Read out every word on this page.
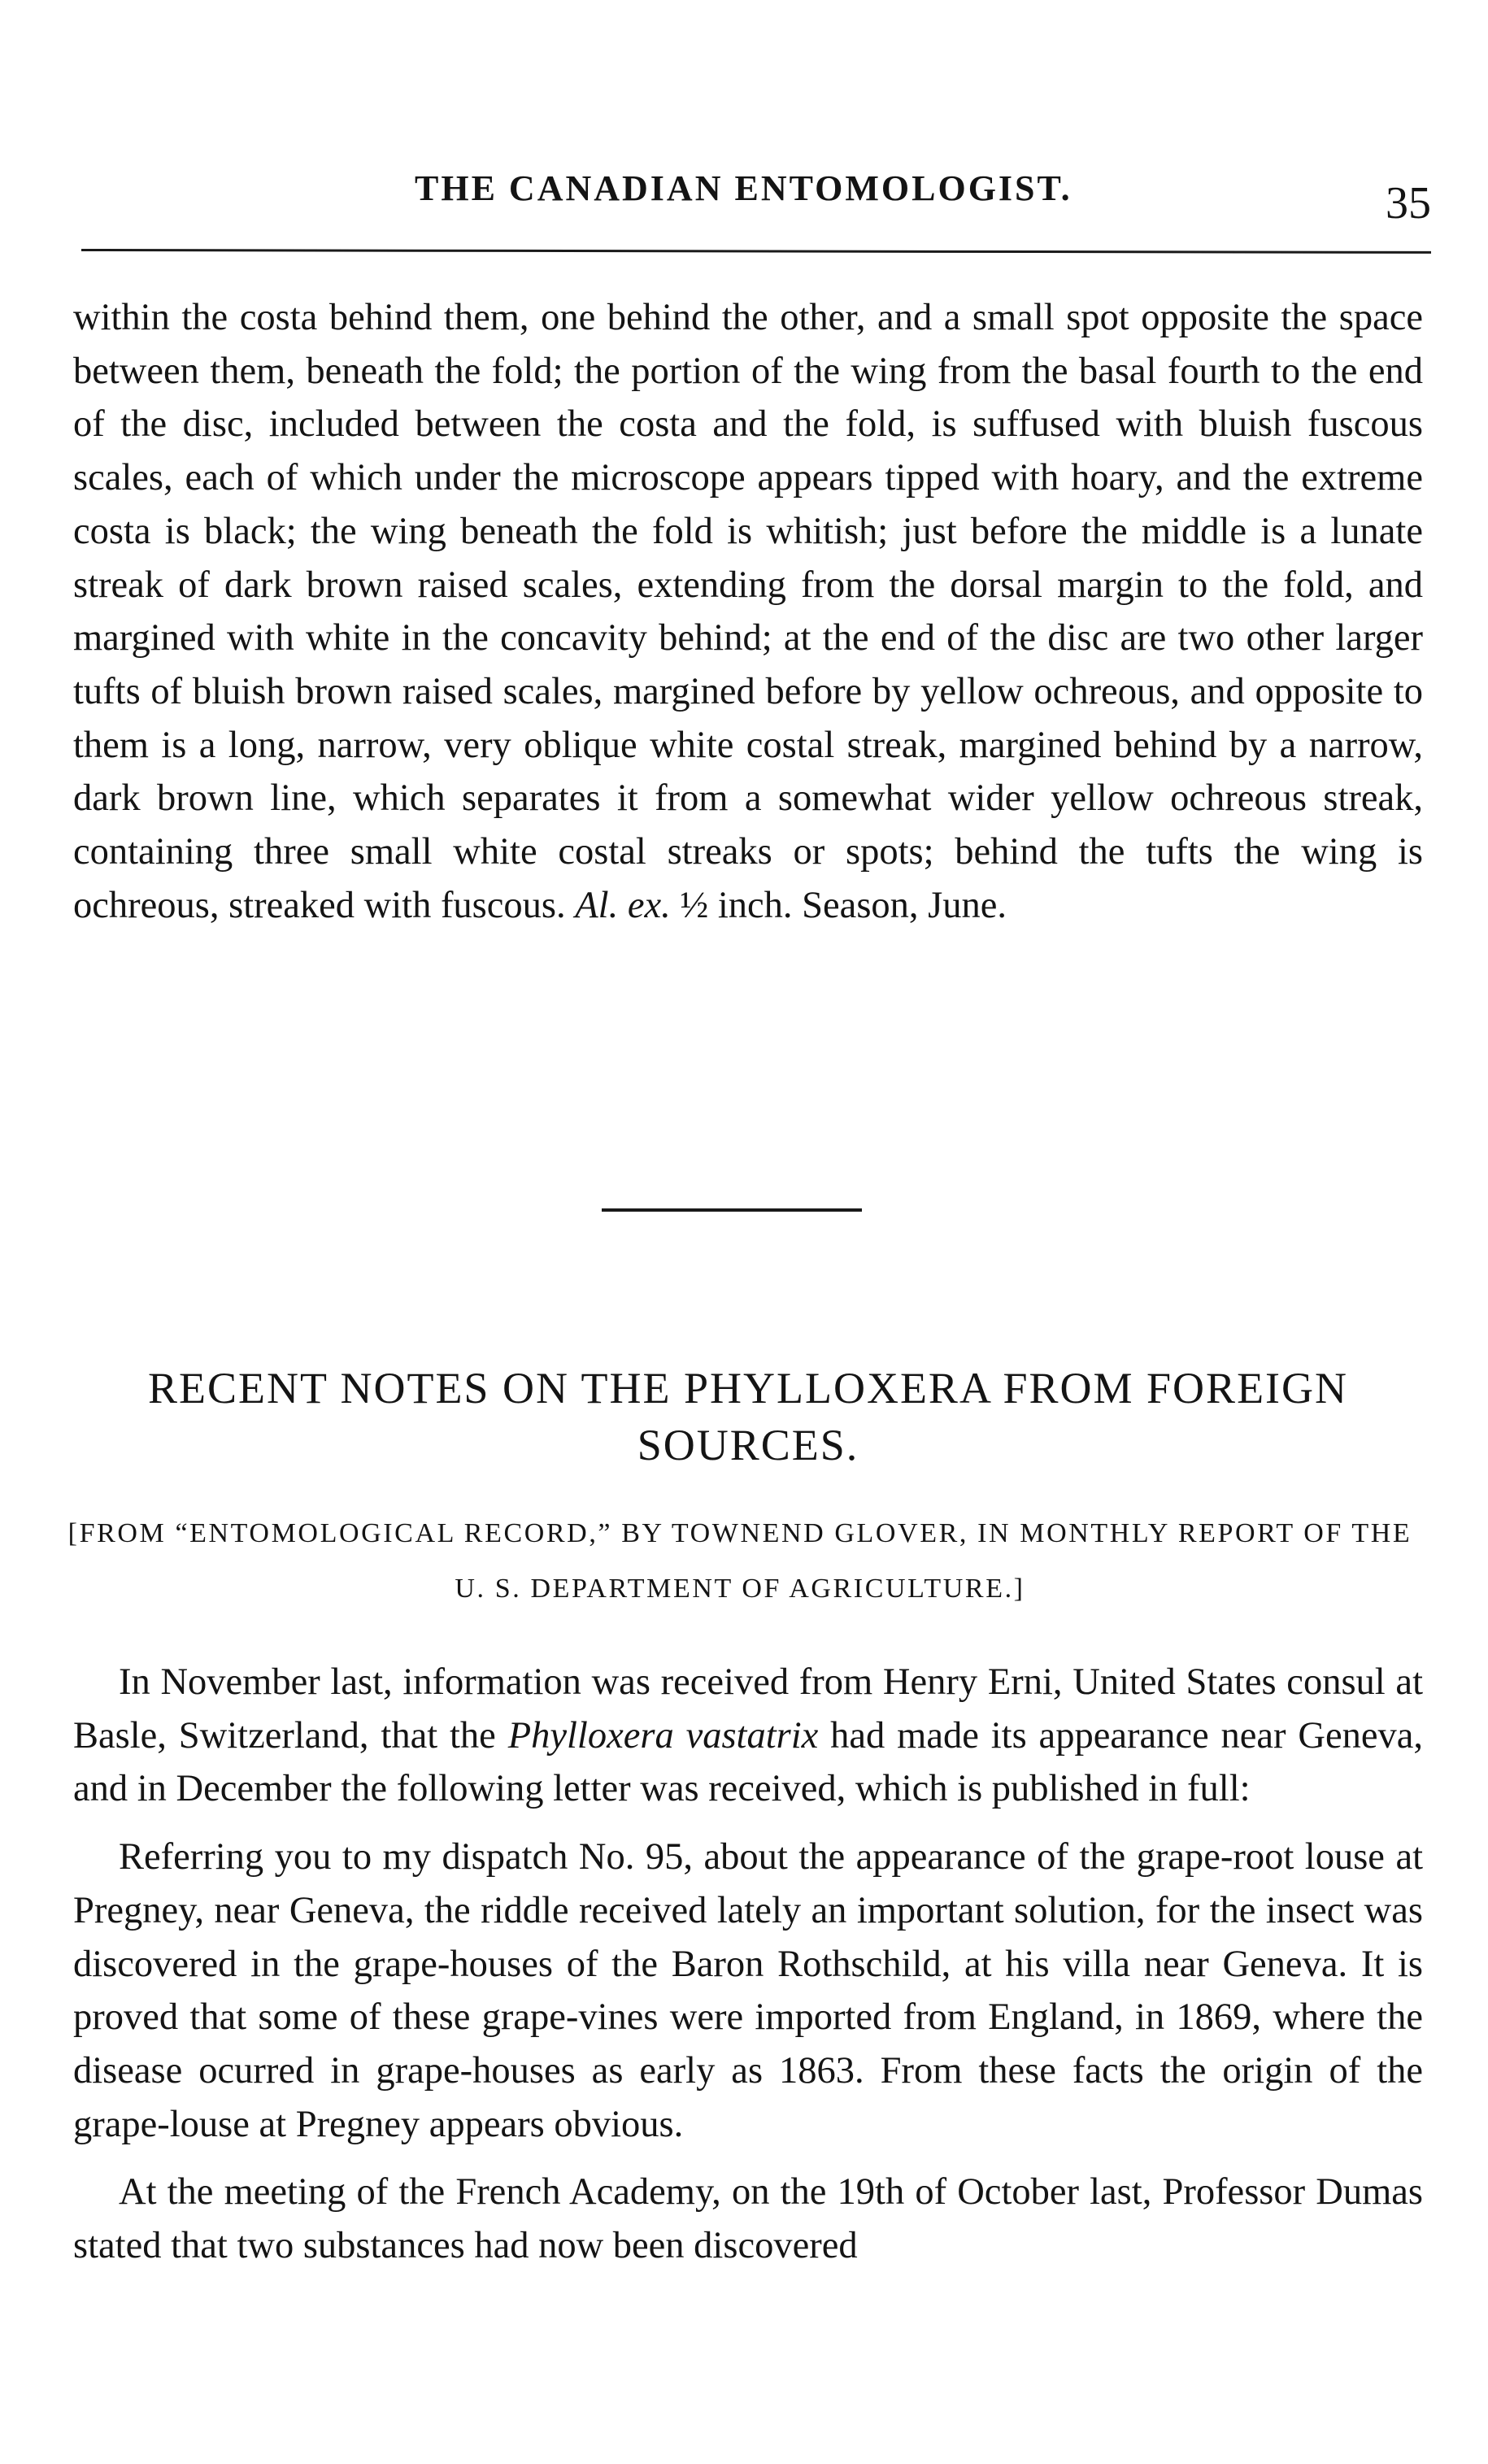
THE CANADIAN ENTOMOLOGIST.	35

within the costa behind them, one behind the other, and a small spot opposite the space between them, beneath the fold; the portion of the wing from the basal fourth to the end of the disc, included between the costa and the fold, is suffused with bluish fuscous scales, each of which under the microscope appears tipped with hoary, and the extreme costa is black; the wing beneath the fold is whitish; just before the middle is a lunate streak of dark brown raised scales, extending from the dorsal margin to the fold, and margined with white in the concavity behind; at the end of the disc are two other larger tufts of bluish brown raised scales, margined before by yellow ochreous, and opposite to them is a long, narrow, very oblique white costal streak, margined behind by a narrow, dark brown line, which separates it from a somewhat wider yellow ochreous streak, containing three small white costal streaks or spots; behind the tufts the wing is ochreous, streaked with fuscous. Al. ex. ½ inch. Season, June.

RECENT NOTES ON THE PHYLLOXERA FROM FOREIGN SOURCES.
[FROM “ENTOMOLOGICAL RECORD,” BY TOWNEND GLOVER, IN MONTHLY REPORT OF THE U. S. DEPARTMENT OF AGRICULTURE.]

In November last, information was received from Henry Erni, United States consul at Basle, Switzerland, that the Phylloxera vastatrix had made its appearance near Geneva, and in December the following letter was received, which is published in full:

Referring you to my dispatch No. 95, about the appearance of the grape-root louse at Pregney, near Geneva, the riddle received lately an important solution, for the insect was discovered in the grape-houses of the Baron Rothschild, at his villa near Geneva. It is proved that some of these grape-vines were imported from England, in 1869, where the disease ocurred in grape-houses as early as 1863. From these facts the origin of the grape-louse at Pregney appears obvious.

At the meeting of the French Academy, on the 19th of October last, Professor Dumas stated that two substances had now been discovered
